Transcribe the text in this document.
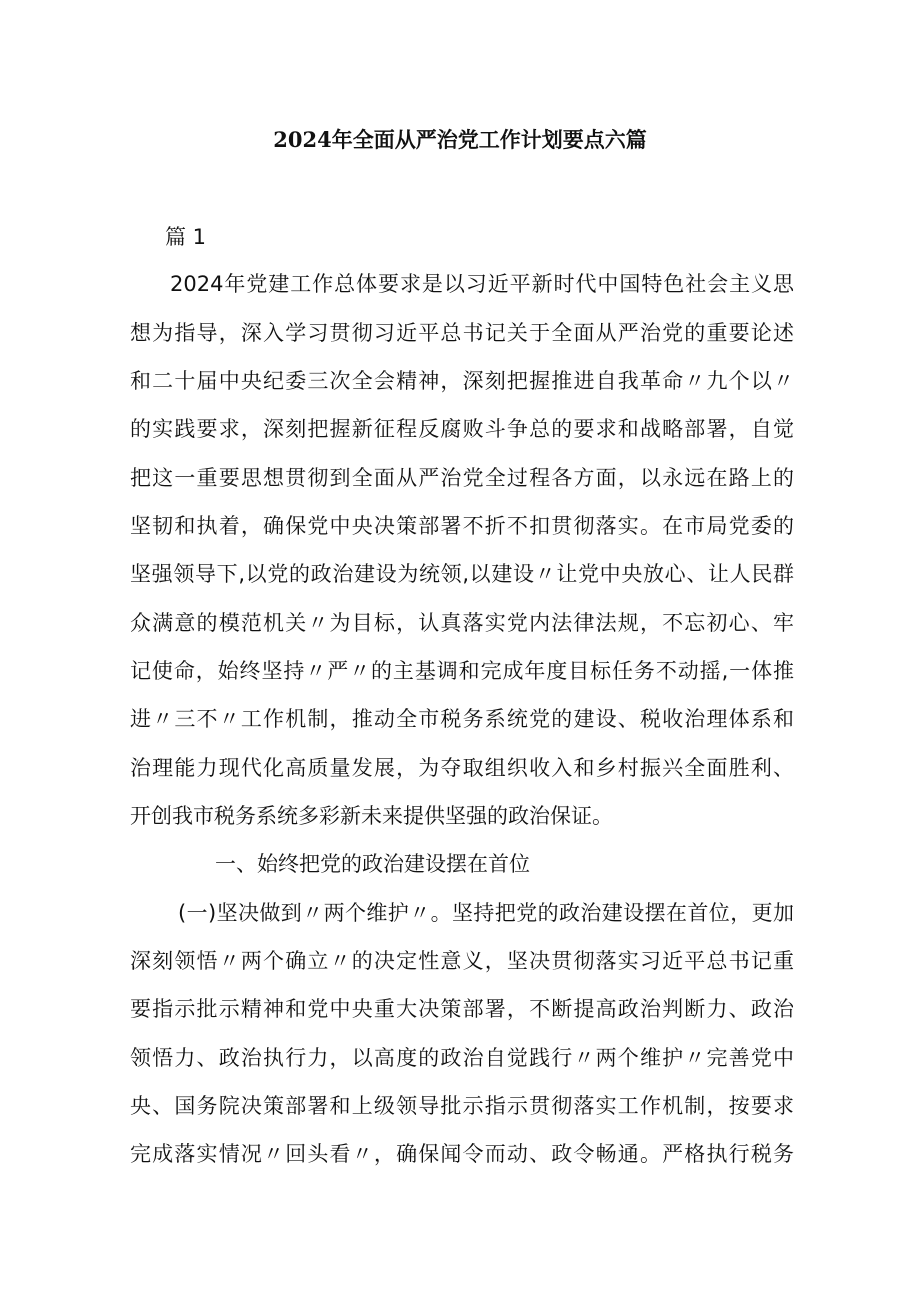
2024年全面从严治党工作计划要点六篇
篇 1
2024年党建工作总体要求是以习近平新时代中国特色社会主义思
想为指导，深入学习贯彻习近平总书记关于全面从严治党的重要论述
和二十届中央纪委三次全会精神，深刻把握推进自我革命〃九个以〃
的实践要求，深刻把握新征程反腐败斗争总的要求和战略部署，自觉
把这一重要思想贯彻到全面从严治党全过程各方面，以永远在路上的
坚韧和执着，确保党中央决策部署不折不扣贯彻落实。在市局党委的
坚强领导下,以党的政治建设为统领,以建设〃让党中央放心、让人民群
众满意的模范机关〃为目标，认真落实党内法律法规，不忘初心、牢
记使命，始终坚持〃严〃的主基调和完成年度目标任务不动摇,一体推
进〃三不〃工作机制，推动全市税务系统党的建设、税收治理体系和
治理能力现代化高质量发展，为夺取组织收入和乡村振兴全面胜利、
开创我市税务系统多彩新未来提供坚强的政治保证。
一、始终把党的政治建设摆在首位
(一)坚决做到〃两个维护〃。坚持把党的政治建设摆在首位，更加
深刻领悟〃两个确立〃的决定性意义，坚决贯彻落实习近平总书记重
要指示批示精神和党中央重大决策部署，不断提高政治判断力、政治
领悟力、政治执行力，以高度的政治自觉践行〃两个维护〃完善党中
央、国务院决策部署和上级领导批示指示贯彻落实工作机制，按要求
完成落实情况〃回头看〃，确保闻令而动、政令畅通。严格执行税务
